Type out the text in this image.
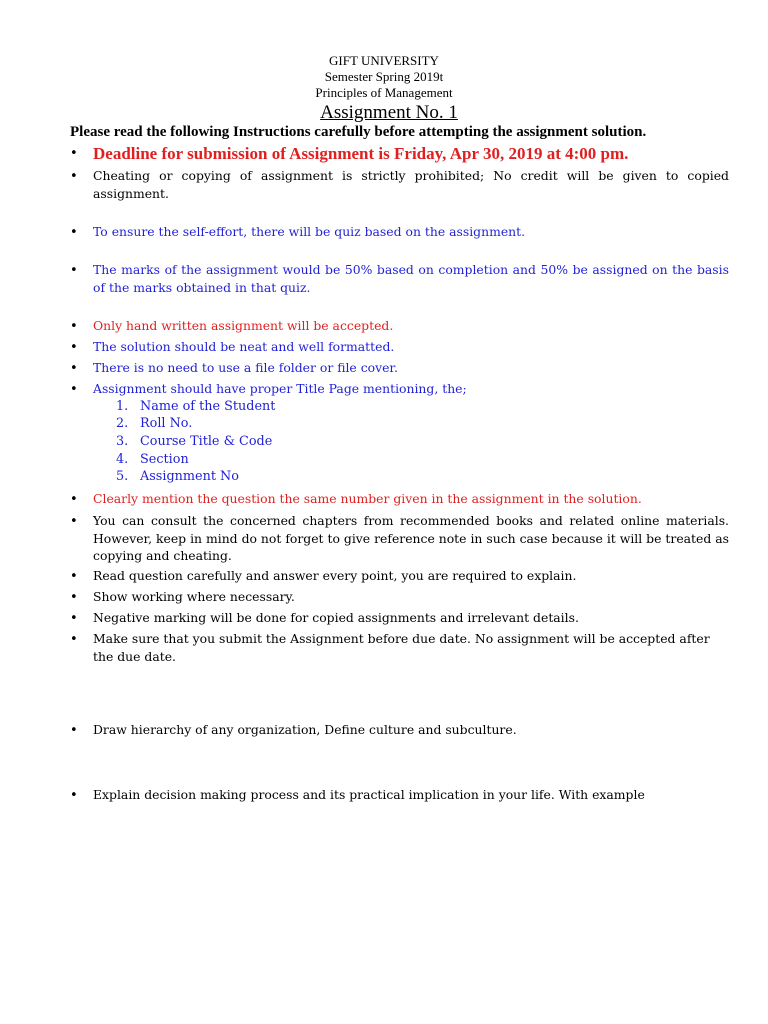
GIFT UNIVERSITY
Semester Spring 2019t
Principles of Management
Assignment No. 1
Please read the following Instructions carefully before attempting the assignment solution.
• Deadline for submission of Assignment is Friday, Apr 30, 2019 at 4:00 pm.
•	Cheating or copying of assignment is strictly prohibited; No credit will be given to copied assignment.
•	To ensure the self-effort, there will be quiz based on the assignment.
•	The marks of the assignment would be 50% based on completion and 50% be assigned on the basis of the marks obtained in that quiz.
•	Only hand written assignment will be accepted.
•	The solution should be neat and well formatted.
•	There is no need to use a file folder or file cover.
•	Assignment should have proper Title Page mentioning, the;
1. Name of the Student
2. Roll No.
3. Course Title & Code
4. Section
5. Assignment No
•	Clearly mention the question the same number given in the assignment in the solution.
•	You can consult the concerned chapters from recommended books and related online materials. However, keep in mind do not forget to give reference note in such case because it will be treated as copying and cheating.
•	Read question carefully and answer every point, you are required to explain.
•	Show working where necessary.
•	Negative marking will be done for copied assignments and irrelevant details.
•	Make sure that you submit the Assignment before due date. No assignment will be accepted after the due date.
•	Draw hierarchy of any organization, Define culture and subculture.
•	Explain decision making process and its practical implication in your life. With example
